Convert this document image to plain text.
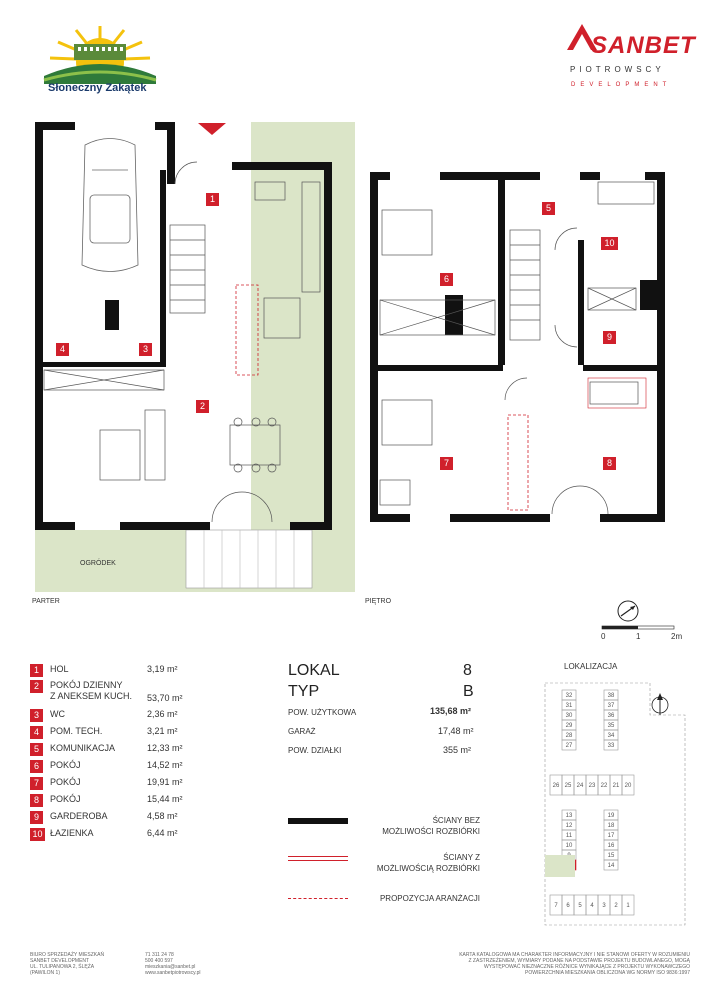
Słoneczny Zakątek
SANBET
PIOTROWSCY
DEVELOPMENT
1
2
3
4
5
6
7	8
9
10
OGRÓDEK
PARTER	PIĘTRO
0	1	2m
1	HOL	3,19 m²
2	POKÓJ DZIENNY
Z ANEKSEM KUCH. 53,70 m²
3	WC	2,36 m²
4	POM. TECH.	3,21 m²
5	KOMUNIKACJA	12,33 m²
6	POKÓJ	14,52 m²
7	POKÓJ	19,91 m²
8	POKÓJ	15,44 m²
9	GARDEROBA	4,58 m²
10 ŁAZIENKA	6,44 m²
LOKAL	8
TYP	B
POW. UŻYTKOWA	135,68 m²
GARAŻ	17,48 m²
POW. DZIAŁKI	355 m²
ŚCIANY BEZ
MOŻLIWOŚCI ROZBIÓRKI
ŚCIANY Z
MOŻLIWOŚCIĄ ROZBIÓRKI
PROPOZYCJA ARANŻACJI
LOKALIZACJA
32
31
30
29
28
27
38
37
36
35
34
33
26 25 24 23 22 21 20
13
12
11
10
19
18
17
16
15
14
7 6 5 4 3 2 1
BIURO SPRZEDAŻY MIESZKAŃ
SANBET DEVELOPMENT
UL. TULIPANOWA 2, ŚLĘŻA
(PAWILON 1)
71 311 24 78
500 400 597
mieszkania@sanbet.pl
www.sanbetpiotrowscy.pl
KARTA KATALOGOWA MA CHARAKTER INFORMACYJNY I NIE STANOWI OFERTY W ROZUMIENIU
Z ZASTRZEŻENIEM, WYMIARY PODANE NA PODSTAWIE PROJEKTU BUDOWLANEGO, MOGĄ
WYSTĘPOWAĆ NIEZNACZNE RÓŻNICE WYNIKAJĄCE Z PROJEKTU WYKONAWCZEGO
POWIERZCHNIA MIESZKANIA OBLICZONA WG NORMY ISO 9836:1997
